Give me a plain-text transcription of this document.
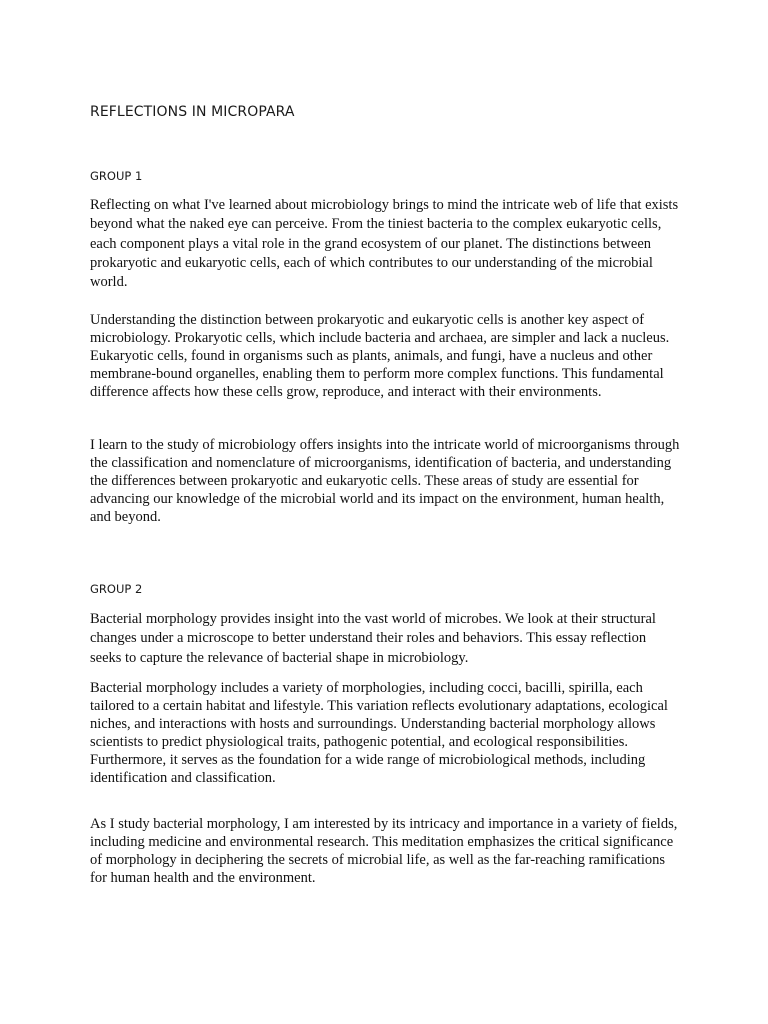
REFLECTIONS IN MICROPARA
GROUP 1

Reflecting on what I've learned about microbiology brings to mind the intricate web of life that exists beyond what the naked eye can perceive. From the tiniest bacteria to the complex eukaryotic cells, each component plays a vital role in the grand ecosystem of our planet. The distinctions between prokaryotic and eukaryotic cells, each of which contributes to our understanding of the microbial world.

Understanding the distinction between prokaryotic and eukaryotic cells is another key aspect of microbiology. Prokaryotic cells, which include bacteria and archaea, are simpler and lack a nucleus. Eukaryotic cells, found in organisms such as plants, animals, and fungi, have a nucleus and other membrane-bound organelles, enabling them to perform more complex functions. This fundamental difference affects how these cells grow, reproduce, and interact with their environments.

I learn to the study of microbiology offers insights into the intricate world of microorganisms through the classification and nomenclature of microorganisms, identification of bacteria, and understanding the differences between prokaryotic and eukaryotic cells. These areas of study are essential for advancing our knowledge of the microbial world and its impact on the environment, human health, and beyond.

GROUP 2

Bacterial morphology provides insight into the vast world of microbes. We look at their structural changes under a microscope to better understand their roles and behaviors. This essay reflection seeks to capture the relevance of bacterial shape in microbiology.

Bacterial morphology includes a variety of morphologies, including cocci, bacilli, spirilla, each tailored to a certain habitat and lifestyle. This variation reflects evolutionary adaptations, ecological niches, and interactions with hosts and surroundings. Understanding bacterial morphology allows scientists to predict physiological traits, pathogenic potential, and ecological responsibilities. Furthermore, it serves as the foundation for a wide range of microbiological methods, including identification and classification.

As I study bacterial morphology, I am interested by its intricacy and importance in a variety of fields, including medicine and environmental research. This meditation emphasizes the critical significance of morphology in deciphering the secrets of microbial life, as well as the far-reaching ramifications for human health and the environment.
